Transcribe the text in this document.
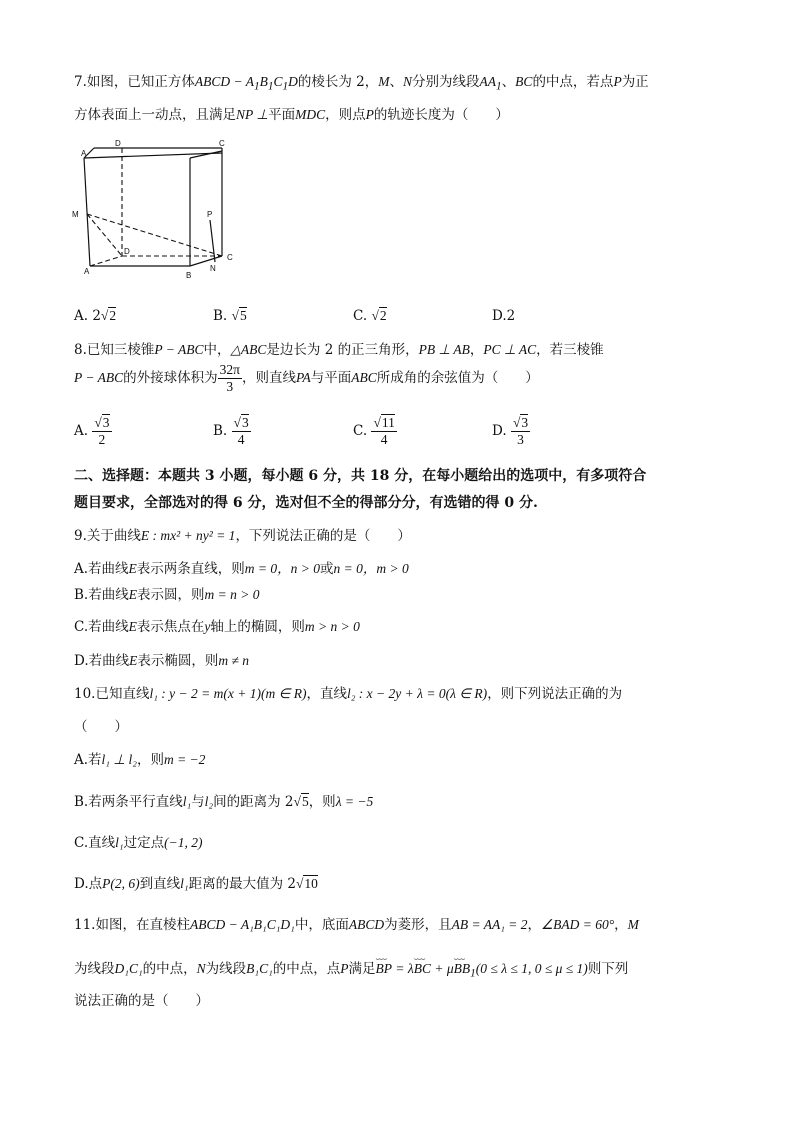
7.如图，已知正方体ABCD − $A_1B_1C_1D$的棱长为 2，M、N分别为线段$AA_1$、BC的中点，若点P为正
方体表面上一动点，且满足NP ⊥平面MDC，则点P的轨迹长度为（　　）
A
D	C
M	P
D
A	B
N
C
A. 2√2	B. √5	C. √2	D.2
8.已知三棱锥P − ABC中，△ABC是边长为 2 的正三角形，PB ⊥ AB，PC ⊥ AC，若三棱锥
P − ABC的外接球体积为 $\frac{32\pi}{3}$ ，则直线PA与平面ABC所成角的余弦值为（　　）
A. $\frac{√3}{2}$	B. $\frac{√3}{4}$	C. $\frac{√11}{4}$	D. $\frac{√3}{3}$
二、选择题：本题共 3 小题，每小题 6 分，共 18 分，在每小题给出的选项中，有多项符合
题目要求，全部选对的得 6 分，选对但不全的得部分分，有选错的得 0 分.
9.关于曲线E : mx² + ny² = 1，下列说法正确的是（　　）
A.若曲线E表示两条直线，则m = 0，n > 0或n = 0，m > 0
B.若曲线E表示圆，则m = n > 0
C.若曲线E表示焦点在y轴上的椭圆，则m > n > 0
D.若曲线E表示椭圆，则m ≠ n
10.已知直线l₁ : y − 2 = m(x + 1)(m ∈ R)，直线l₂ : x − 2y + λ = 0(λ ∈ R)，则下列说法正确的为
（　　）
A.若l₁ ⊥ l₂，则m = −2
B.若两条平行直线l₁与l₂间的距离为 2√5，则λ = −5
C.直线l₁过定点(−1, 2)
D.点P(2, 6)到直线l₁距离的最大值为 2√10
11.如图，在直棱柱ABCD − A₁B₁C₁D₁中，底面ABCD为菱形，且AB = AA₁ = 2，∠BAD = 60°，M
为线段D₁C₁的中点，N为线段B₁C₁的中点，点P满足⌣⌣⌣ BP = λ⌣⌣⌣ BC + μ⌣⌣⌣ $BB_1(0 \le \lambda \le 1$, 0 ≤ μ ≤ 1)则下列
说法正确的是（　　）
